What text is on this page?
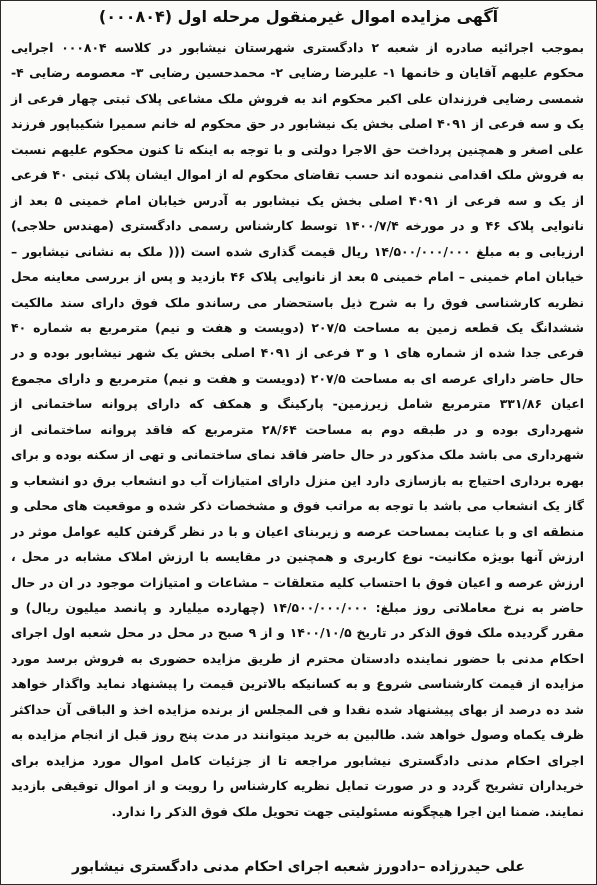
آگهی مزایده اموال غیرمنقول مرحله اول (۰۰۰۸۰۴)
بموجب اجرائیه صادره از شعبه ۲ دادگستری شهرستان نیشابور در کلاسه ۰۰۰۸۰۴ اجرایی محکوم علیهم آقایان و خانمها ۱- علیرضا رضایی ۲- محمدحسین رضایی ۳- معصومه رضایی ۴- شمسی رضایی فرزندان علی اکبر محکوم اند به فروش ملک مشاعی پلاک ثبتی چهار فرعی از یک و سه فرعی از ۴۰۹۱ اصلی بخش یک نیشابور در حق محکوم له خانم سمیرا شکیباپور فرزند علی اصغر و همچنین پرداخت حق الاجرا دولتی و با توجه به اینکه تا کنون محکوم علیهم نسبت به فروش ملک اقدامی ننموده اند حسب تقاضای محکوم له از اموال ایشان پلاک ثبتی ۴۰ فرعی از یک و سه فرعی از ۴۰۹۱ اصلی بخش یک نیشابور به آدرس خیابان امام خمینی ۵ بعد از نانوایی پلاک ۴۶ و در مورخه ۱۴۰۰/۷/۴ توسط کارشناس رسمی دادگستری (مهندس حلاجی) ارزیابی و به مبلغ ۱۴/۵۰۰/۰۰۰/۰۰۰ ریال قیمت گذاری شده است ((( ملک به نشانی نیشابور – خیابان امام خمینی – امام خمینی ۵ بعد از نانوایی پلاک ۴۶ بازدید و پس از بررسی معاینه محل نظریه کارشناسی فوق را به شرح ذیل باستحضار می رساندو ملک فوق دارای سند مالکیت ششدانگ یک قطعه زمین به مساحت ۲۰۷/۵ (دویست و هفت و نیم) مترمربع به شماره ۴۰ فرعی جدا شده از شماره های ۱ و ۳ فرعی از ۴۰۹۱ اصلی بخش یک شهر نیشابور بوده و در حال حاضر دارای عرصه ای به مساحت ۲۰۷/۵ (دویست و هفت و نیم) مترمربع و دارای مجموع اعیان ۳۳۱/۸۶ مترمربع شامل زیرزمین- پارکینگ و همکف که دارای پروانه ساختمانی از شهرداری بوده و در طبقه دوم به مساحت ۲۸/۶۴ مترمربع که فاقد پروانه ساختمانی از شهرداری می باشد ملک مذکور در حال حاضر فاقد نمای ساختمانی و تهی از سکنه بوده و برای بهره برداری احتیاج به بازسازی دارد این منزل دارای امتیازات آب دو انشعاب برق دو انشعاب و گاز یک انشعاب می باشد با توجه به مراتب فوق و مشخصات ذکر شده و موقعیت های محلی و منطقه ای و با عنایت بمساحت عرصه و زیربنای اعیان و با در نظر گرفتن کلیه عوامل موثر در ارزش آنها بویژه مکانیت- نوع کاربری و همچنین در مقایسه با ارزش املاک مشابه در محل ، ارزش عرصه و اعیان فوق با احتساب کلیه متعلقات – مشاعات و امتیازات موجود در ان در حال حاضر به نرخ معاملاتی روز مبلغ: ۱۴/۵۰۰/۰۰۰/۰۰۰ (چهارده میلیارد و پانصد میلیون ریال) و مقرر گردیده ملک فوق الذکر در تاریخ ۱۴۰۰/۱۰/۵ و از ۹ صبح در محل در محل شعبه اول اجرای احکام مدنی با حضور نماینده دادستان محترم از طریق مزایده حضوری به فروش برسد مورد مزایده از قیمت کارشناسی شروع و به کسانیکه بالاترین قیمت را پیشنهاد نماید واگذار خواهد شد ده درصد از بهای پیشنهاد شده نقدا و فی المجلس از برنده مزایده اخذ و الباقی آن حداکثر ظرف یکماه وصول خواهد شد. طالبین به خرید میتوانند در مدت پنج روز قبل از انجام مزایده به اجرای احکام مدنی دادگستری نیشابور مراجعه تا از جزئیات کامل اموال مورد مزایده برای خریداران تشریح گردد و در صورت تمایل نظریه کارشناس را رویت و از اموال توقیفی بازدید نمایند. ضمنا این اجرا هیچگونه مسئولیتی جهت تحویل ملک فوق الذکر را ندارد.
علی حیدرزاده –دادورز شعبه اجرای احکام مدنی دادگستری نیشابور
